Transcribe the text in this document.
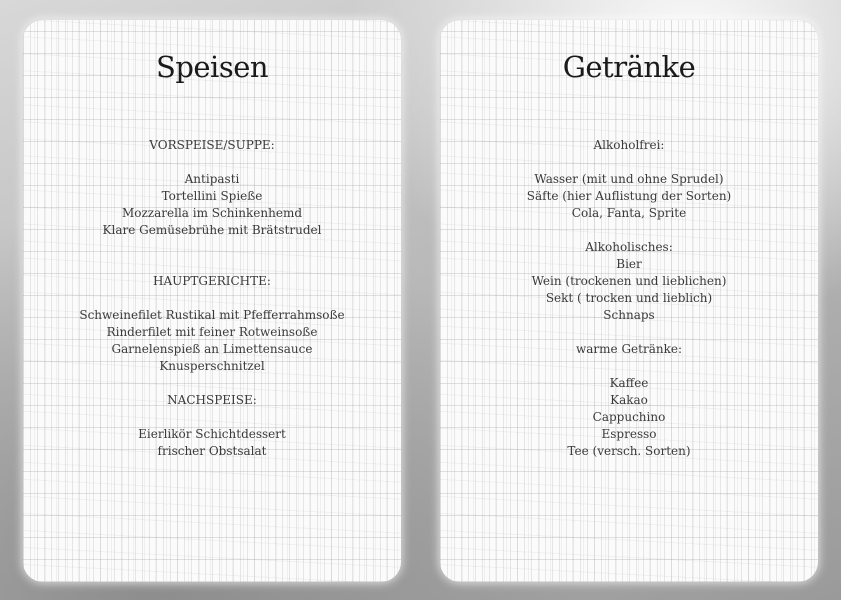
Speisen
VORSPEISE/SUPPE:
Antipasti
Tortellini Spieße
Mozzarella im Schinkenhemd
Klare Gemüsebrühe mit Brätstrudel
HAUPTGERICHTE:
Schweinefilet Rustikal mit Pfefferrahmsoße
Rinderfilet mit feiner Rotweinsoße
Garnelenspieß an Limettensauce
Knusperschnitzel
NACHSPEISE:
Eierlikör Schichtdessert
frischer Obstsalat
Getränke
Alkoholfrei:
Wasser (mit und ohne Sprudel)
Säfte (hier Auflistung der Sorten)
Cola, Fanta, Sprite
Alkoholisches:
Bier
Wein (trockenen und lieblichen)
Sekt ( trocken und lieblich)
Schnaps
warme Getränke:
Kaffee
Kakao
Cappuchino
Espresso
Tee (versch. Sorten)
